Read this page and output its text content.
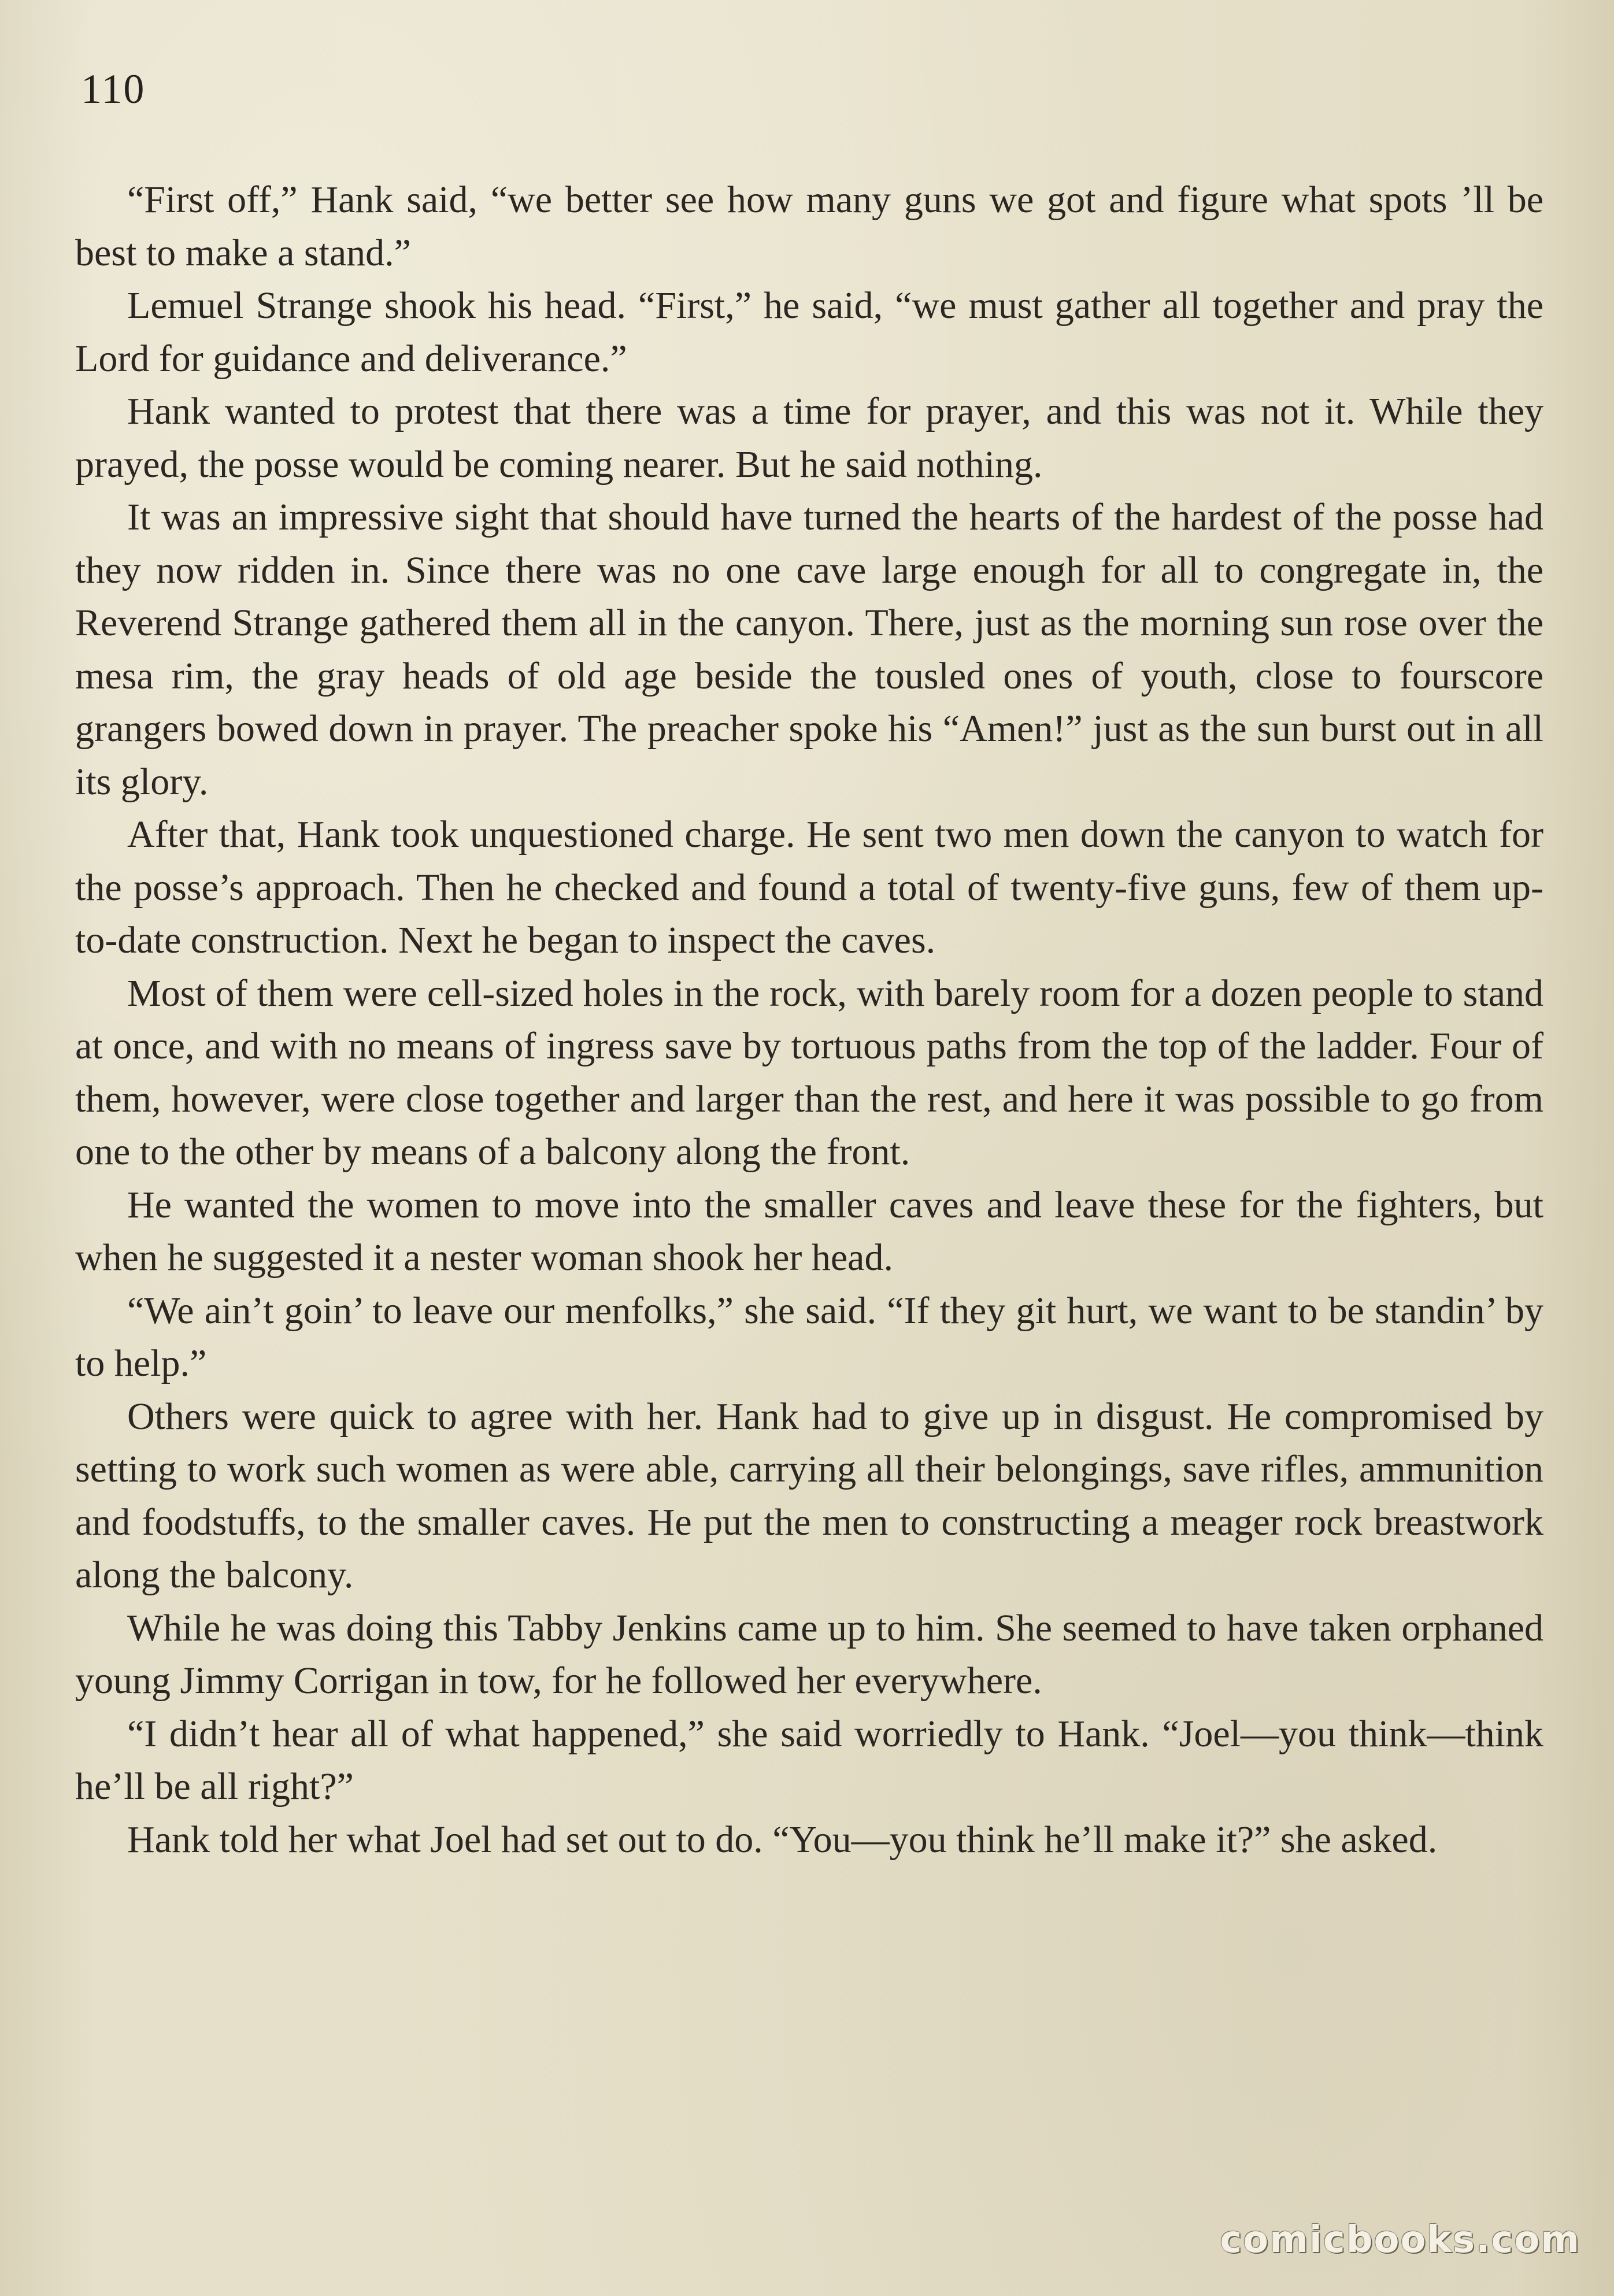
110

“First off,” Hank said, “we better see how many guns we got and figure what spots ’ll be best to make a stand.”

Lemuel Strange shook his head. “First,” he said, “we must gather all together and pray the Lord for guidance and deliverance.”

Hank wanted to protest that there was a time for prayer, and this was not it. While they prayed, the posse would be coming nearer. But he said nothing.

It was an impressive sight that should have turned the hearts of the hardest of the posse had they now ridden in. Since there was no one cave large enough for all to congregate in, the Reverend Strange gathered them all in the canyon. There, just as the morning sun rose over the mesa rim, the gray heads of old age beside the tousled ones of youth, close to fourscore grangers bowed down in prayer. The preacher spoke his “Amen!” just as the sun burst out in all its glory.

After that, Hank took unquestioned charge. He sent two men down the canyon to watch for the posse’s approach. Then he checked and found a total of twenty-five guns, few of them up-to-date construction. Next he began to inspect the caves.

Most of them were cell-sized holes in the rock, with barely room for a dozen people to stand at once, and with no means of ingress save by tortuous paths from the top of the ladder. Four of them, however, were close together and larger than the rest, and here it was possible to go from one to the other by means of a balcony along the front.

He wanted the women to move into the smaller caves and leave these for the fighters, but when he suggested it a nester woman shook her head.

“We ain’t goin’ to leave our menfolks,” she said. “If they git hurt, we want to be standin’ by to help.”

Others were quick to agree with her. Hank had to give up in disgust. He compromised by setting to work such women as were able, carrying all their belongings, save rifles, ammunition and foodstuffs, to the smaller caves. He put the men to constructing a meager rock breastwork along the balcony.

While he was doing this Tabby Jenkins came up to him. She seemed to have taken orphaned young Jimmy Corrigan in tow, for he followed her everywhere.

“I didn’t hear all of what happened,” she said worriedly to Hank. “Joel—you think—think he’ll be all right?”

Hank told her what Joel had set out to do. “You—you think he’ll make it?” she asked.

comicbooks.com
